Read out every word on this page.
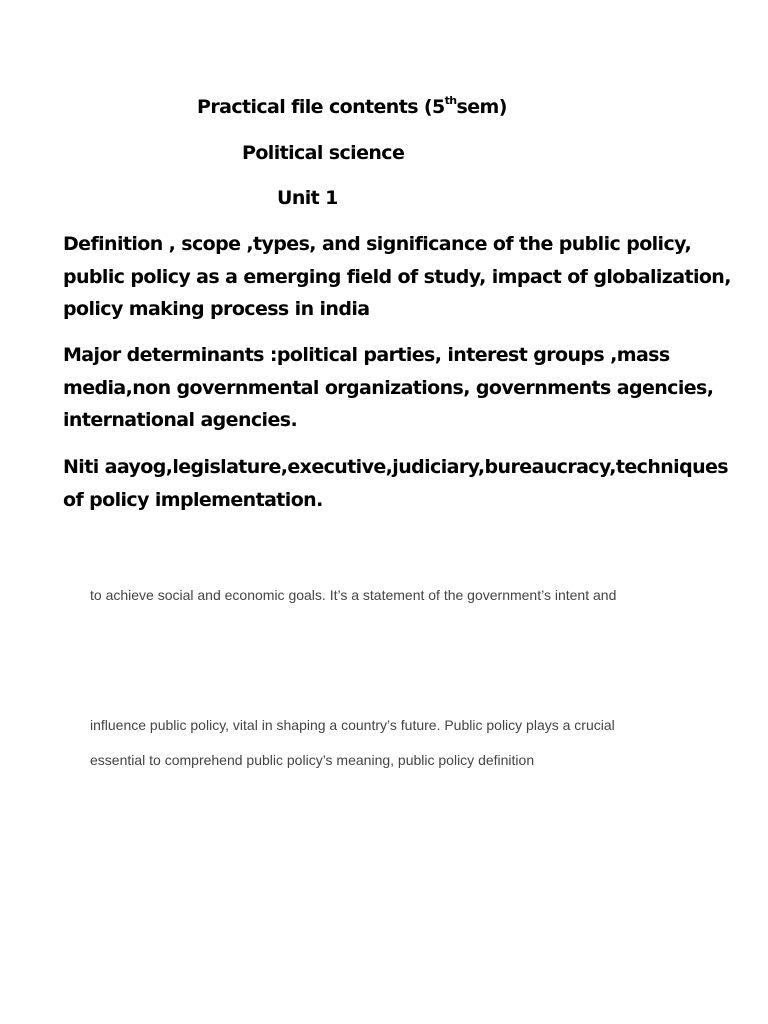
Practical file contents (5thsem)
Political science
Unit 1
Definition , scope ,types, and significance of the public policy,
public policy as a emerging field of study, impact of globalization,
policy making process in india
Major determinants :political parties, interest groups ,mass
media,non governmental organizations, governments agencies,
international agencies.
Niti aayog,legislature,executive,judiciary,bureaucracy,techniques
of policy implementation.
to achieve social and economic goals. It’s a statement of the government’s intent and
influence public policy, vital in shaping a country’s future. Public policy plays a crucial
essential to comprehend public policy’s meaning, public policy definition
